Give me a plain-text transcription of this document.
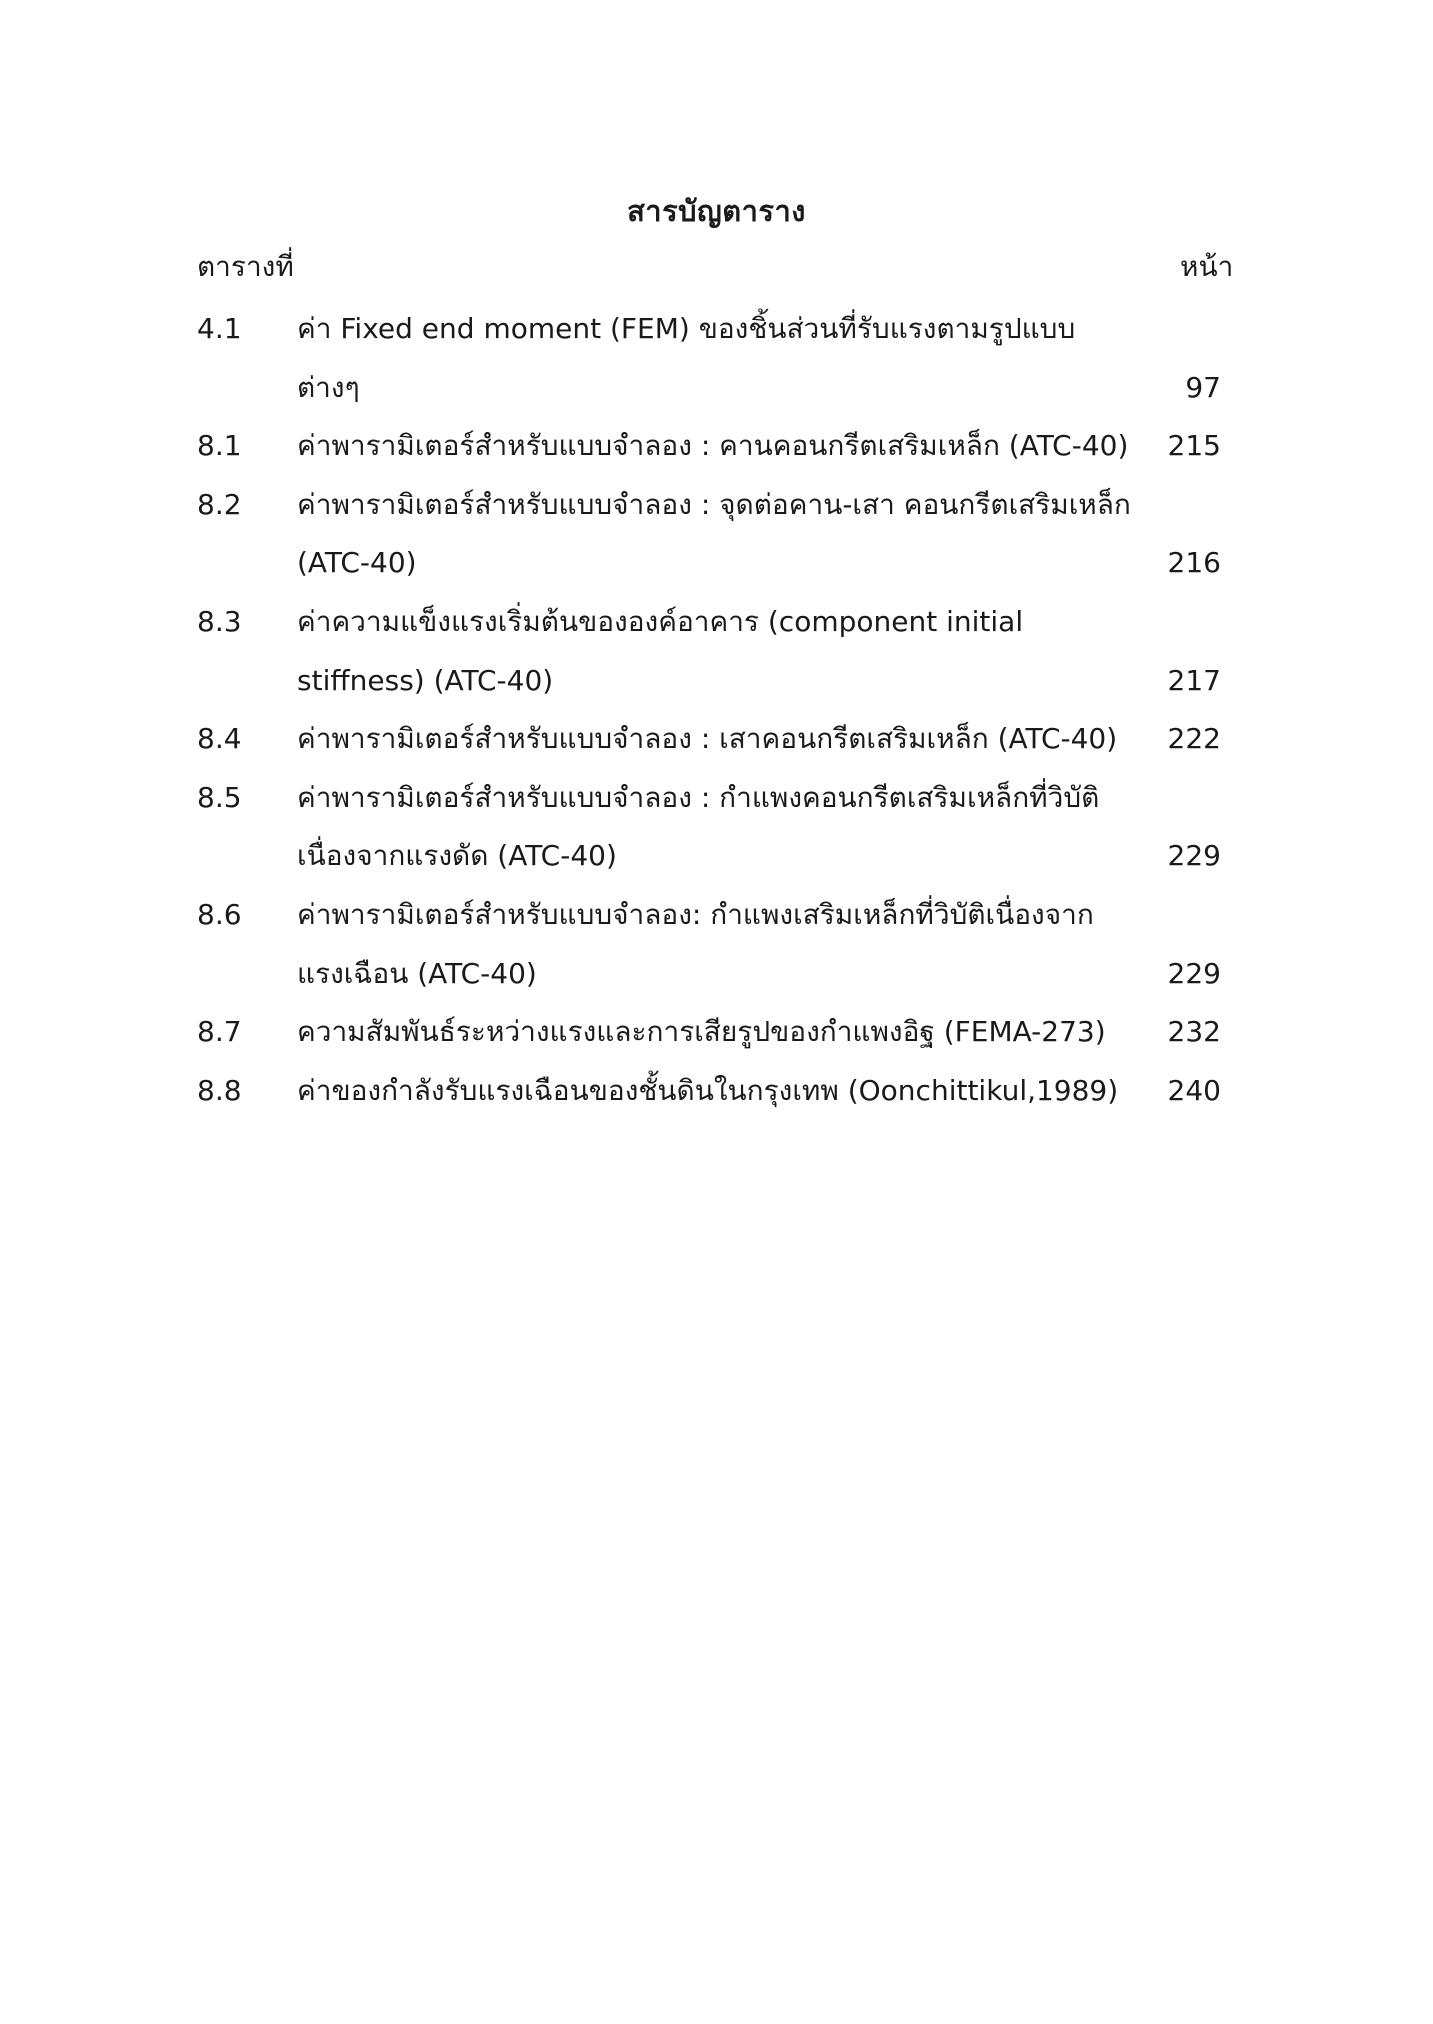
สารบัญตาราง
ตารางที่	หน้า
4.1	ค่า Fixed end moment (FEM) ของชิ้นส่วนที่รับแรงตามรูปแบบต่างๆ	97
8.1	ค่าพารามิเตอร์สำหรับแบบจำลอง : คานคอนกรีตเสริมเหล็ก (ATC-40)	215
8.2	ค่าพารามิเตอร์สำหรับแบบจำลอง : จุดต่อคาน-เสา คอนกรีตเสริมเหล็ก (ATC-40)	216
8.3	ค่าความแข็งแรงเริ่มต้นขององค์อาคาร (component initial stiffness) (ATC-40)	217
8.4	ค่าพารามิเตอร์สำหรับแบบจำลอง : เสาคอนกรีตเสริมเหล็ก (ATC-40)	222
8.5	ค่าพารามิเตอร์สำหรับแบบจำลอง : กำแพงคอนกรีตเสริมเหล็กที่วิบัติเนื่องจากแรงดัด (ATC-40)	229
8.6	ค่าพารามิเตอร์สำหรับแบบจำลอง: กำแพงเสริมเหล็กที่วิบัติเนื่องจากแรงเฉือน (ATC-40)	229
8.7	ความสัมพันธ์ระหว่างแรงและการเสียรูปของกำแพงอิฐ (FEMA-273)	232
8.8	ค่าของกำลังรับแรงเฉือนของชั้นดินในกรุงเทพ (Oonchittikul,1989)	240
